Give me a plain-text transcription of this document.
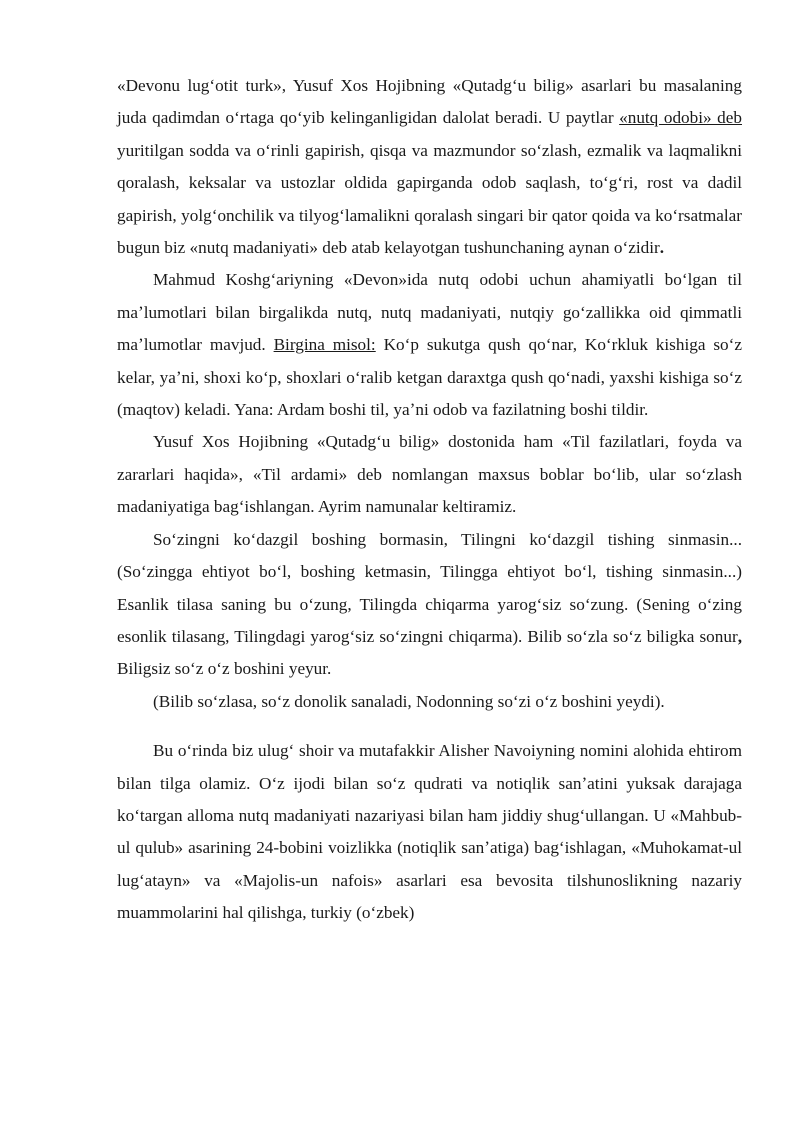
«Devonu lugʻotit turk», Yusuf Xos Hojibning «Qutadgʻu bilig» asarlari bu masalaning juda qadimdan oʻrtaga qoʻyib kelinganligidan dalolat beradi. U paytlar «nutq odobi» deb yuritilgan sodda va oʻrinli gapirish, qisqa va mazmundor soʻzlash, ezmalik va laqmalikni qoralash, keksalar va ustozlar oldida gapirganda odob saqlash, toʻgʻri, rost va dadil gapirish, yolgʻonchilik va tilyogʻlamalikni qoralash singari bir qator qoida va koʻrsatmalar bugun biz «nutq madaniyati» deb atab kelayotgan tushunchaning aynan oʻzidir.

Mahmud Koshgʻariyning «Devon»ida nutq odobi uchun ahamiyatli boʻlgan til maʼlumotlari bilan birgalikda nutq, nutq madaniyati, nutqiy goʻzallikka oid qimmatli maʼlumotlar mavjud. Birgina misol: Koʻp sukutga qush qoʻnar, Koʻrkluk kishiga soʻz kelar, yaʼni, shoxi koʻp, shoxlari oʻralib ketgan daraxtga qush qoʻnadi, yaxshi kishiga soʻz (maqtov) keladi. Yana: Ardam boshi til, yaʼni odob va fazilatning boshi tildir.

Yusuf Xos Hojibning «Qutadgʻu bilig» dostonida ham «Til fazilatlari, foyda va zararlari haqida», «Til ardami» deb nomlangan maxsus boblar boʻlib, ular soʻzlash madaniyatiga bagʻishlangan. Ayrim namunalar keltiramiz.

Soʻzingni koʻdazgil boshing bormasin, Tilingni koʻdazgil tishing sinmasin... (Soʻzingga ehtiyot boʻl, boshing ketmasin, Tilingga ehtiyot boʻl, tishing sinmasin...) Esanlik tilasa saning bu oʻzung, Tilingda chiqarma yarogʻsiz soʻzung. (Sening oʻzing esonlik tilasang, Tilingdagi yarogʻsiz soʻzingni chiqarma). Bilib soʻzla soʻz biligka sonur, Biligsiz soʻz oʻz boshini yeyur.

(Bilib soʻzlasa, soʻz donolik sanaladi, Nodonning soʻzi oʻz boshini yeydi).

Bu oʻrinda biz ulugʻ shoir va mutafakkir Alisher Navoiyning nomini alohida ehtirom bilan tilga olamiz. Oʻz ijodi bilan soʻz qudrati va notiqlik sanʼatini yuksak darajaga koʻtargan alloma nutq madaniyati nazariyasi bilan ham jiddiy shugʻullangan. U «Mahbub-ul qulub» asarining 24-bobini voizlikka (notiqlik sanʼatiga) bagʻishlagan, «Muhokamat-ul lugʻatayn» va «Majolis-un nafois» asarlari esa bevosita tilshunoslikning nazariy muammolarini hal qilishga, turkiy (oʻzbek)
